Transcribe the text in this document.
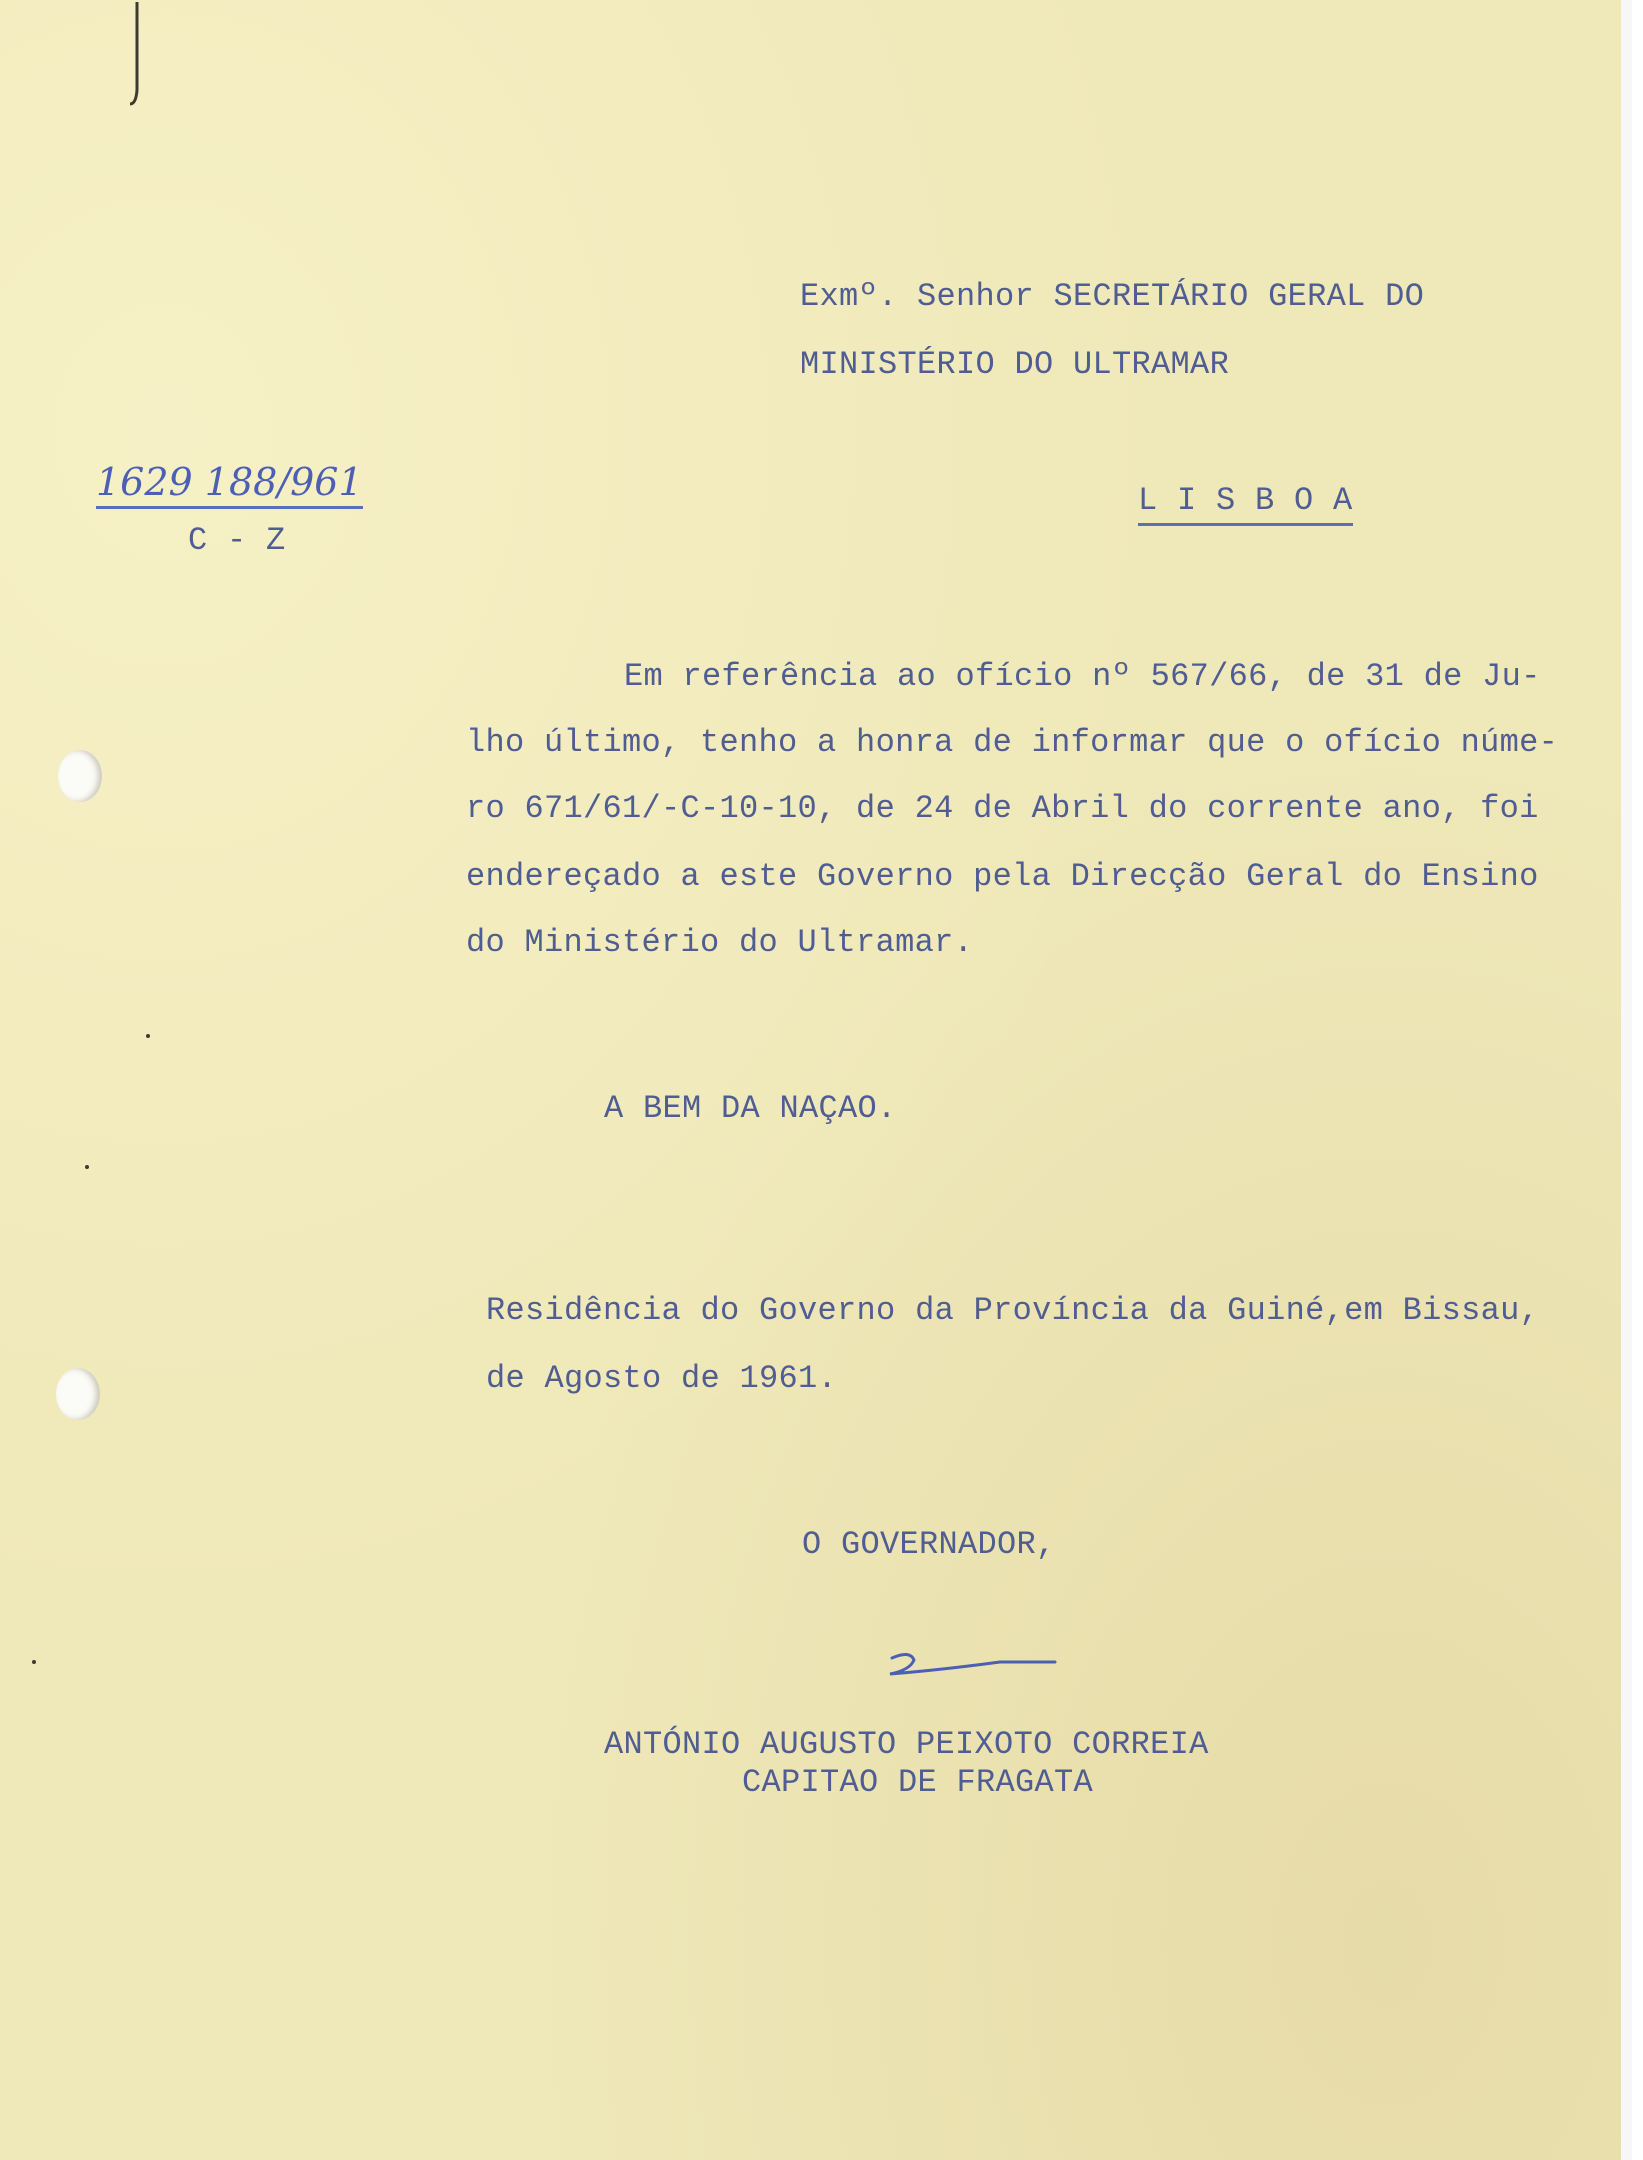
Exmº. Senhor SECRETÁRIO GERAL DO
MINISTÉRIO DO ULTRAMAR
L I S B O A
1629 188/961
C - Z
Em referência ao ofício nº 567/66, de 31 de Ju-
lho último, tenho a honra de informar que o ofício núme-
ro 671/61/-C-10-10, de 24 de Abril do corrente ano, foi
endereçado a este Governo pela Direcção Geral do Ensino
do Ministério do Ultramar.
A BEM DA NAÇAO.
Residência do Governo da Província da Guiné,em Bissau,
de Agosto de 1961.
O GOVERNADOR,
ANTÓNIO AUGUSTO PEIXOTO CORREIA
CAPITAO DE FRAGATA
